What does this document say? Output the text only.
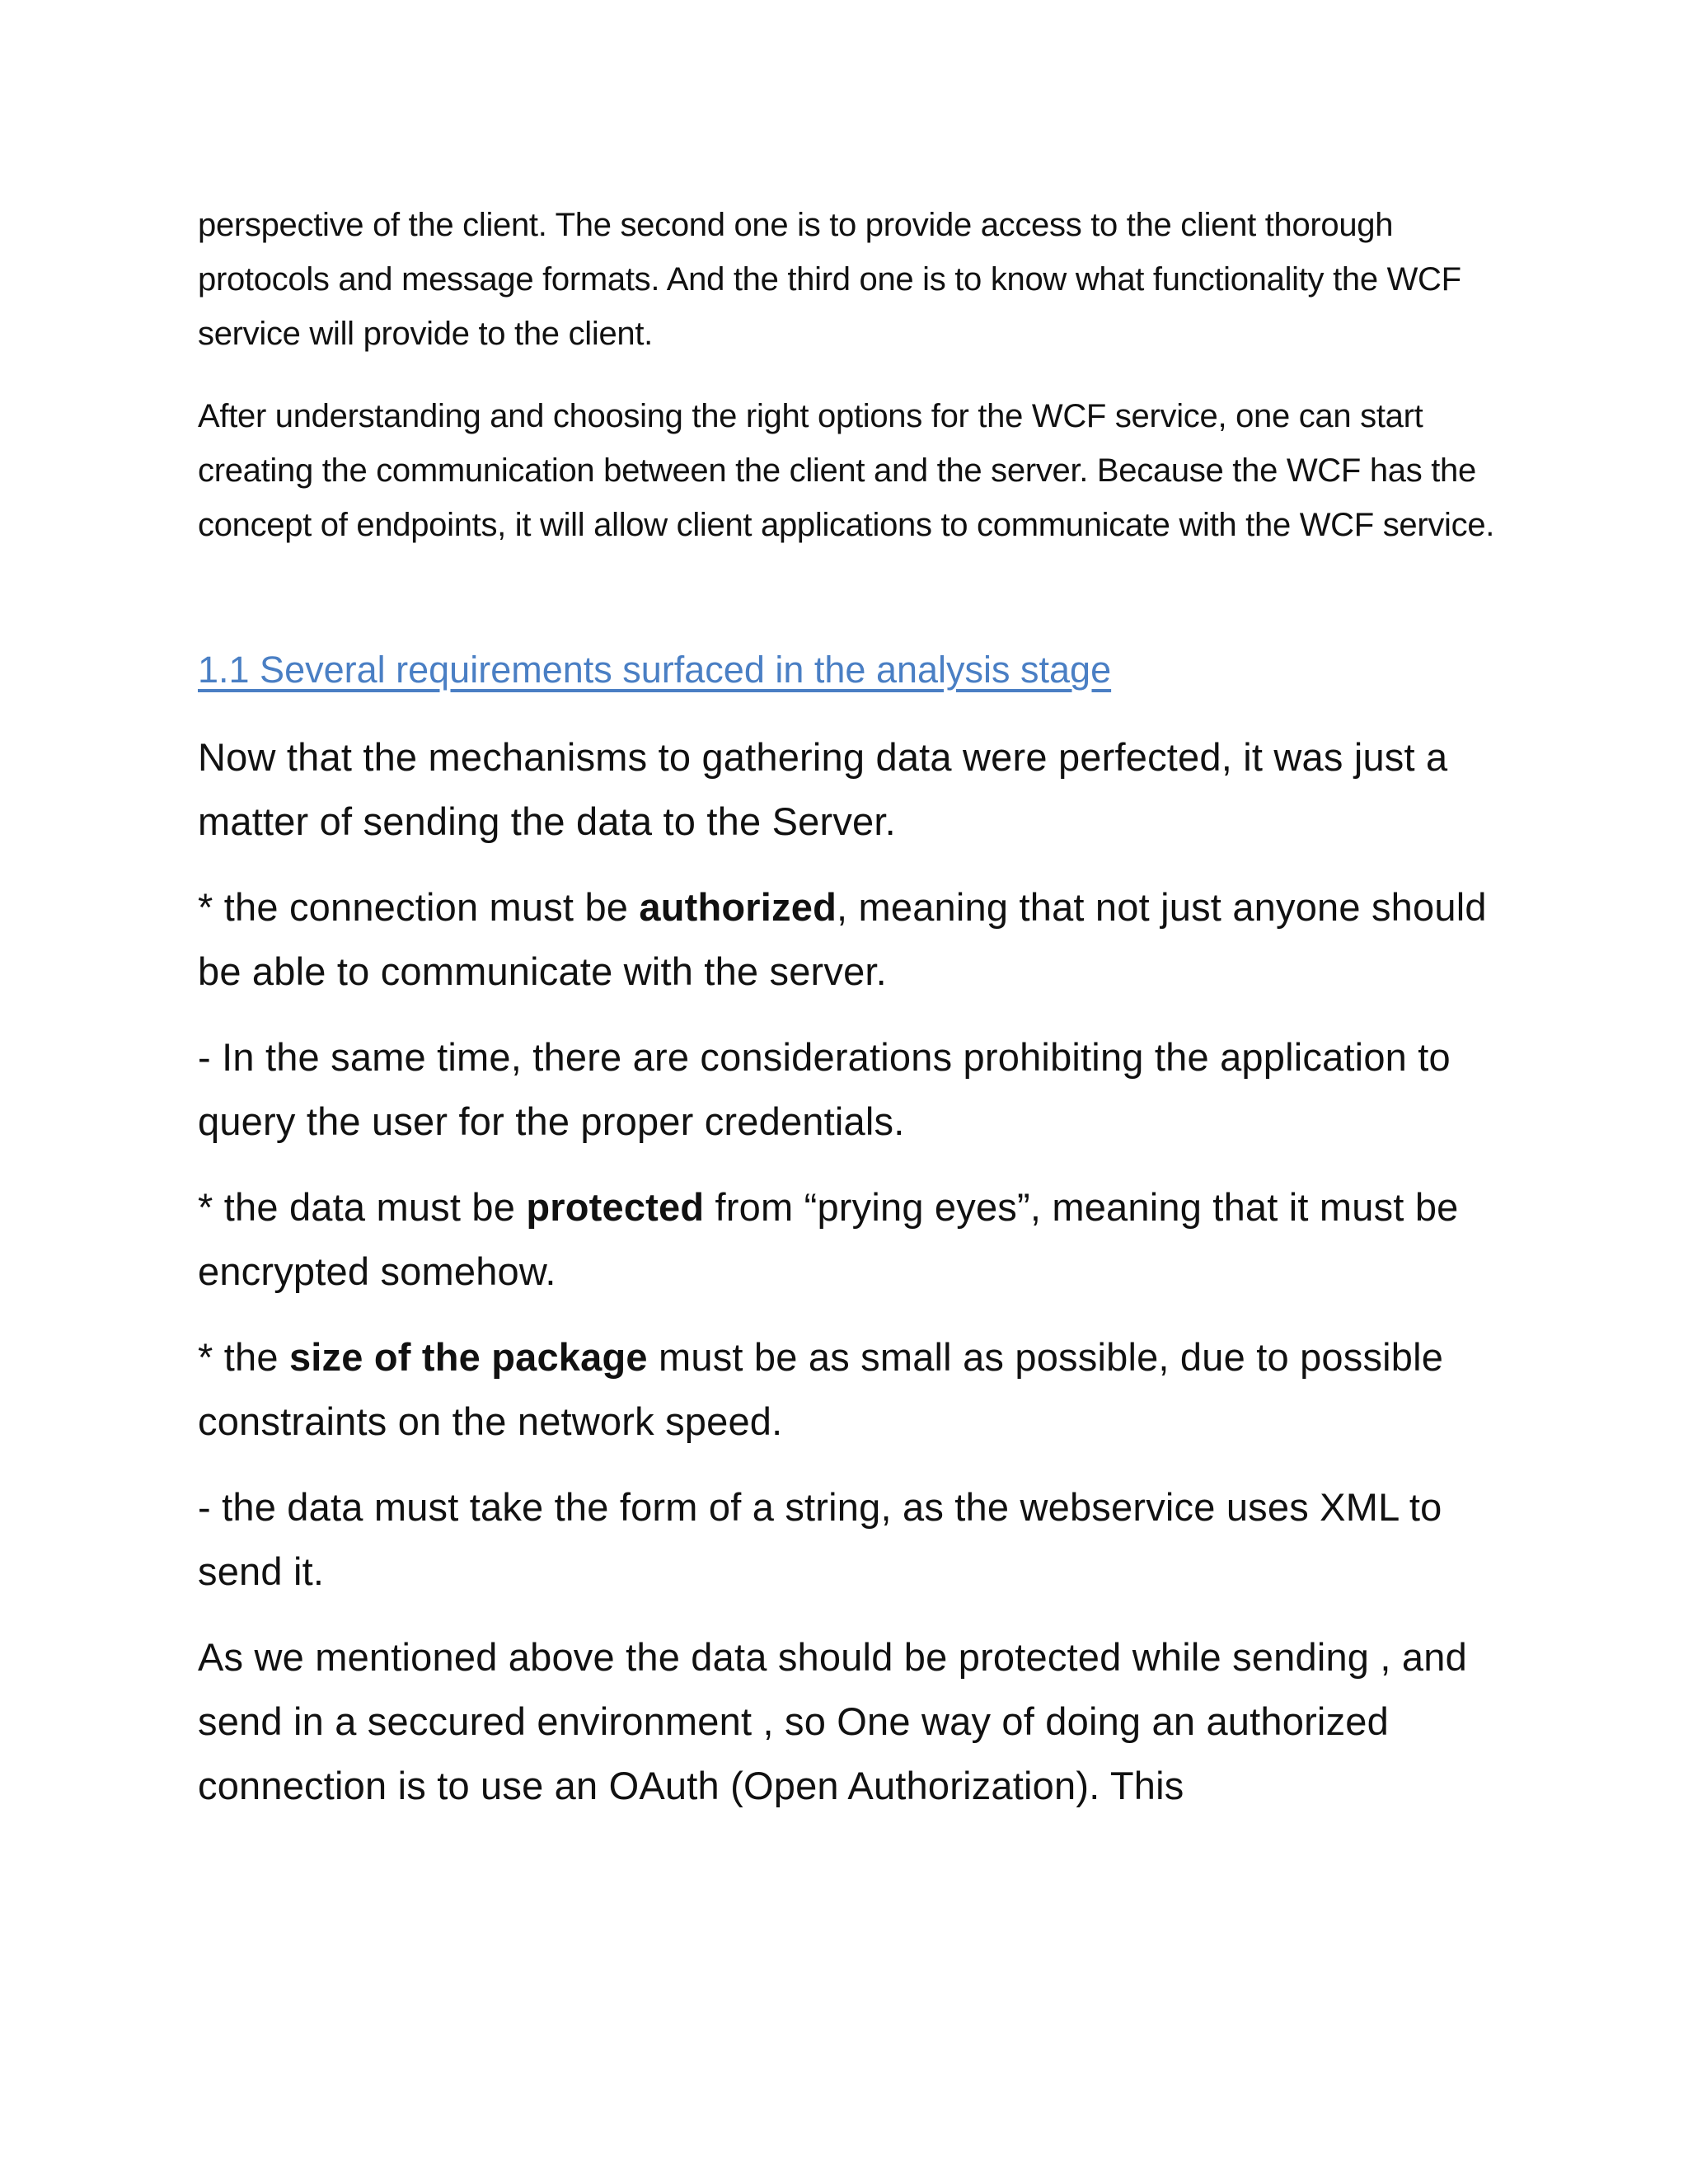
perspective of the client. The second one is to provide access to the client thorough protocols and message formats. And the third one is to know what functionality the WCF service will provide to the client.

After understanding and choosing the right options for the WCF service, one can start creating the communication between the client and the server. Because the WCF has the concept of endpoints, it will allow client applications to communicate with the WCF service.

1.1 Several requirements surfaced in the analysis stage

Now that the mechanisms to gathering data were perfected, it was just a matter of sending the data to the Server.

* the connection must be authorized, meaning that not just anyone should be able to communicate with the server.

- In the same time, there are considerations prohibiting the application to query the user for the proper credentials.

* the data must be protected from “prying eyes”, meaning that it must be encrypted somehow.

* the size of the package must be as small as possible, due to possible constraints on the network speed.

- the data must take the form of a string, as the webservice uses XML to send it.

As we mentioned above the data should be protected while sending , and send in a seccured environment , so One way of doing an authorized connection is to use an OAuth (Open Authorization). This
